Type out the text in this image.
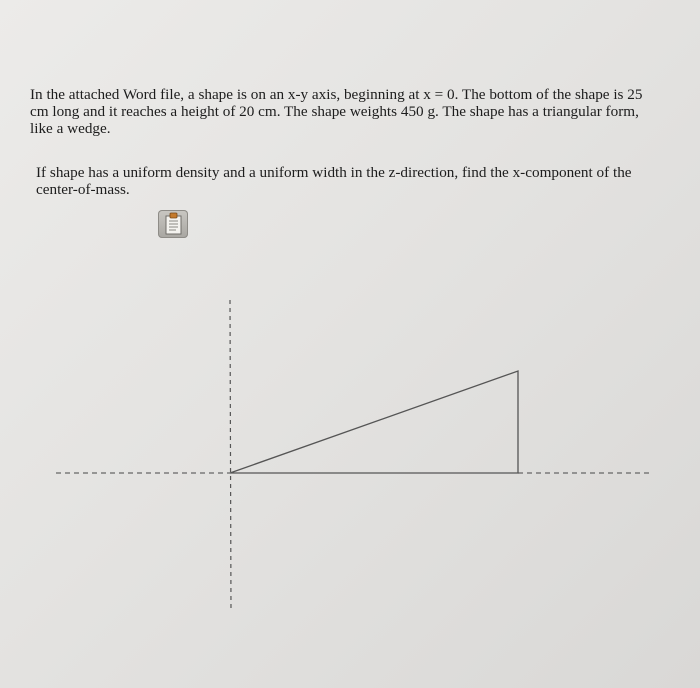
In the attached Word file, a shape is on an x-y axis, beginning at x = 0. The bottom of the shape is 25 cm long and it reaches a height of 20 cm. The shape weights 450 g. The shape has a triangular form, like a wedge.

If shape has a uniform density and a uniform width in the z-direction, find the x-component of the center-of-mass.
